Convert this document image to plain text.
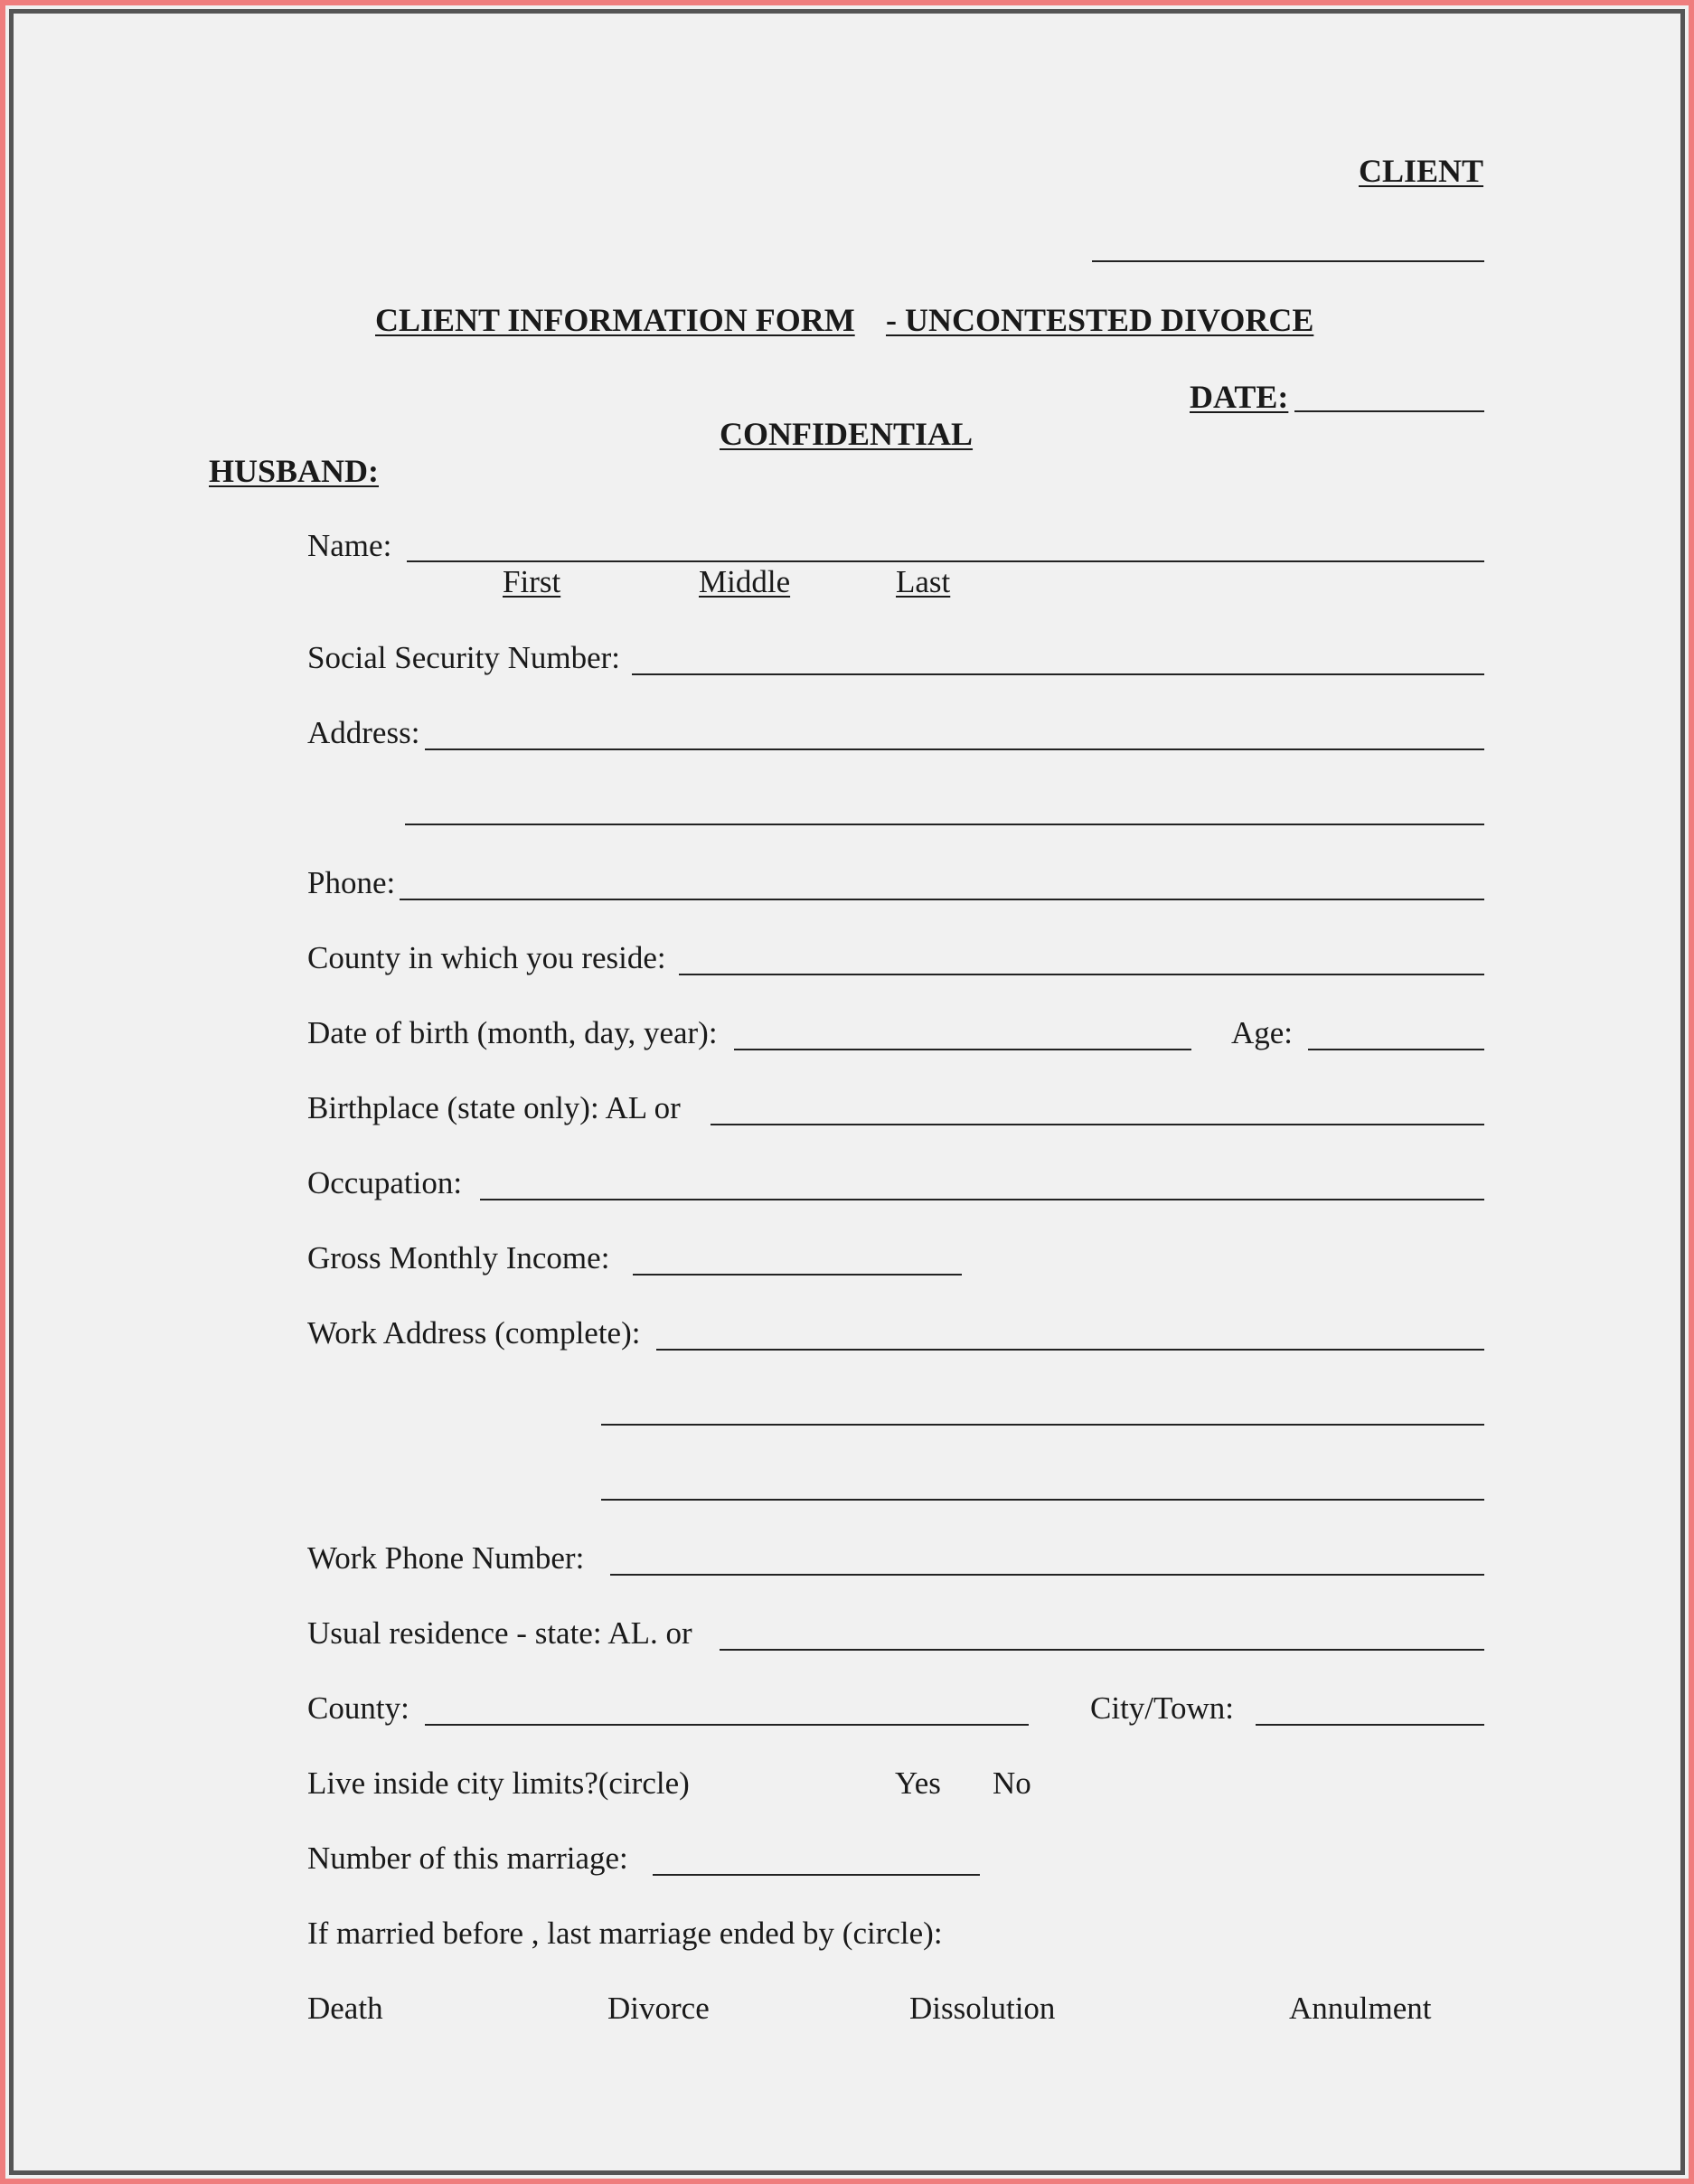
CLIENT
CLIENT INFORMATION FORM - UNCONTESTED DIVORCE
DATE:
CONFIDENTIAL
HUSBAND:
Name:
First	Middle	Last
Social Security Number:
Address:
Phone:
County in which you reside:
Date of birth (month, day, year):	Age:
Birthplace (state only): AL or
Occupation:
Gross Monthly Income:
Work Address (complete):
Work Phone Number:
Usual residence - state: AL. or
County:	City/Town:
Live inside city limits?(circle)	Yes No
Number of this marriage:
If married before , last marriage ended by (circle):
Death	Divorce	Dissolution	Annulment
